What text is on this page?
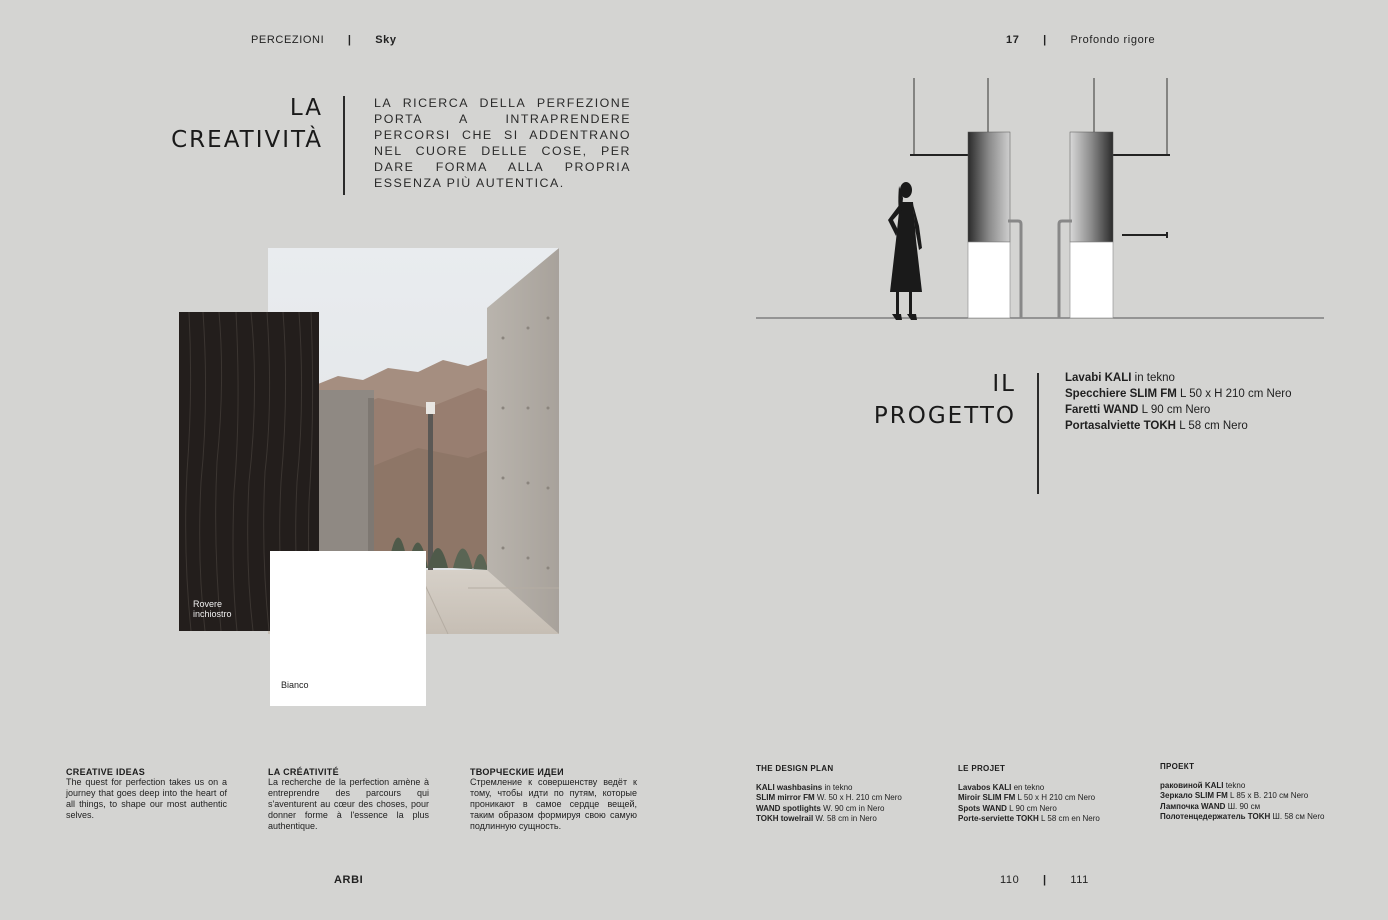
PERCEZIONI | Sky	17 | Profondo rigore
LA
CREATIVITÀ
LA RICERCA DELLA PERFEZIONE PORTA A INTRAPRENDERE PERCORSI CHE SI ADDENTRANO NEL CUORE DELLE COSE, PER DARE FORMA ALLA PROPRIA ESSENZA PIÙ AUTENTICA.
Rovere inchiostro
Bianco
IL
PROGETTO
Lavabi KALI in tekno
Specchiere SLIM FM L 50 x H 210 cm Nero
Faretti WAND L 90 cm Nero
Portasalviette TOKH L 58 cm Nero
CREATIVE IDEAS
The quest for perfection takes us on a journey that goes deep into the heart of all things, to shape our most authentic selves.
LA CRÉATIVITÉ
La recherche de la perfection amène à entreprendre des parcours qui s'aventurent au cœur des choses, pour donner forme à l'essence la plus authentique.
ТВОРЧЕСКИЕ ИДЕИ
Стремление к совершенству ведёт к тому, чтобы идти по путям, которые проникают в самое сердце вещей, таким образом формируя свою самую подлинную сущность.
THE DESIGN PLAN
KALI washbasins in tekno
SLIM mirror FM W. 50 x H. 210 cm Nero
WAND spotlights W. 90 cm in Nero
TOKH towelrail W. 58 cm in Nero
LE PROJET
Lavabos KALI en tekno
Miroir SLIM FM L 50 x H 210 cm Nero
Spots WAND L 90 cm Nero
Porte-serviette TOKH L 58 cm en Nero
ПРОЕКТ
раковиной KALI tekno
Зеркало SLIM FM L 85 x B. 210 см Nero
Лампочка WAND Ш. 90 см
Полотенцедержатель TOKH Ш. 58 см Nero
ARBI	110 | 111
